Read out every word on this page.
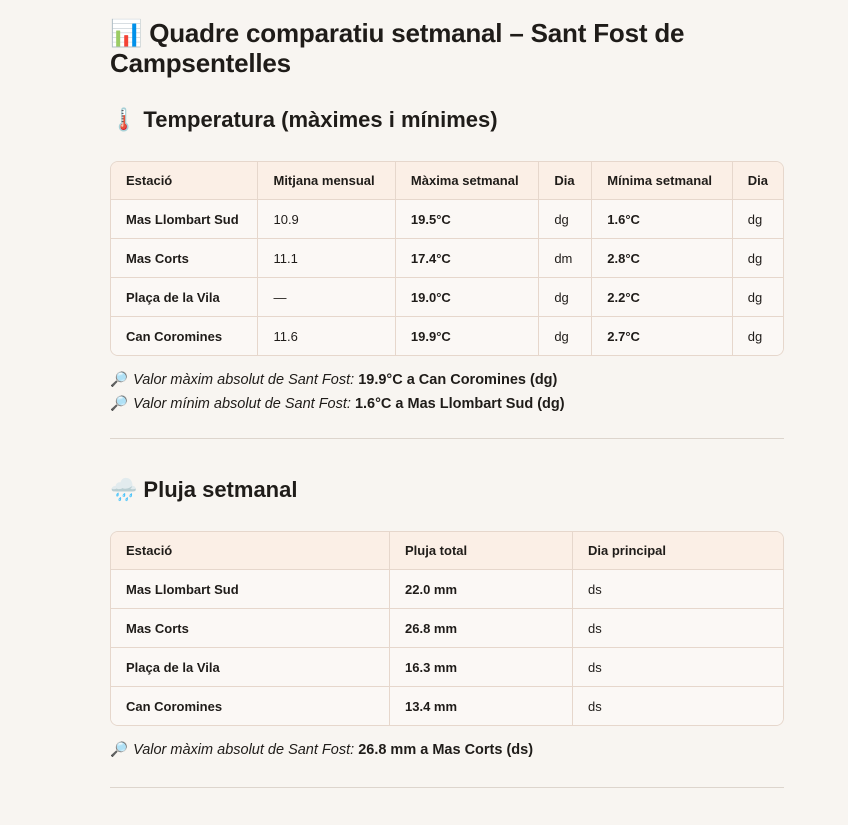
📊 Quadre comparatiu setmanal – Sant Fost de Campsentelles
🌡️ Temperatura (màximes i mínimes)
Estació	Mitjana mensual	Màxima setmanal	Dia	Mínima setmanal	Dia
Mas Llombart Sud	10.9	19.5°C	dg	1.6°C	dg
Mas Corts	11.1	17.4°C	dm	2.8°C	dg
Plaça de la Vila	—	19.0°C	dg	2.2°C	dg
Can Coromines	11.6	19.9°C	dg	2.7°C	dg
🔎 Valor màxim absolut de Sant Fost: 19.9°C a Can Coromines (dg)
🔎 Valor mínim absolut de Sant Fost: 1.6°C a Mas Llombart Sud (dg)
🌧️ Pluja setmanal
Estació	Pluja total	Dia principal
Mas Llombart Sud	22.0 mm	ds
Mas Corts	26.8 mm	ds
Plaça de la Vila	16.3 mm	ds
Can Coromines	13.4 mm	ds
🔎 Valor màxim absolut de Sant Fost: 26.8 mm a Mas Corts (ds)
